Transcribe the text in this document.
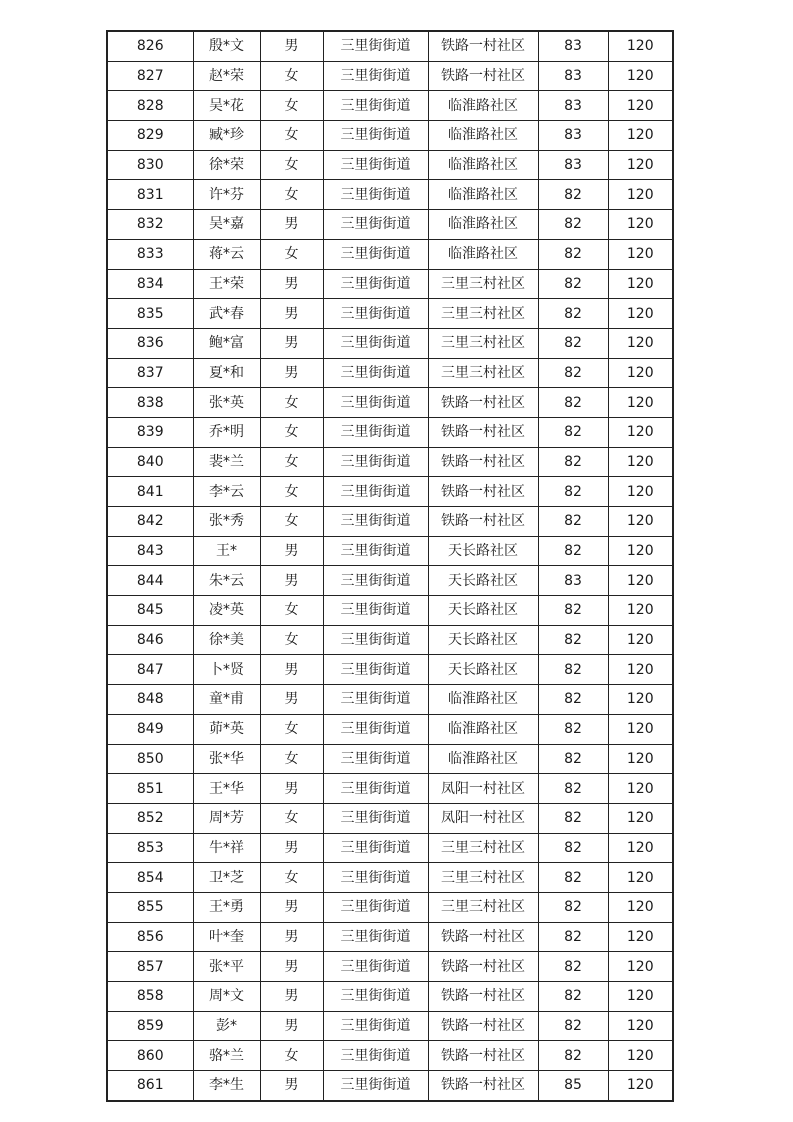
826	殷*文	男	三里街街道	铁路一村社区	83	120
827	赵*荣	女	三里街街道	铁路一村社区	83	120
828	吴*花	女	三里街街道	临淮路社区	83	120
829	臧*珍	女	三里街街道	临淮路社区	83	120
830	徐*荣	女	三里街街道	临淮路社区	83	120
831	许*芬	女	三里街街道	临淮路社区	82	120
832	吴*嘉	男	三里街街道	临淮路社区	82	120
833	蒋*云	女	三里街街道	临淮路社区	82	120
834	王*荣	男	三里街街道	三里三村社区	82	120
835	武*春	男	三里街街道	三里三村社区	82	120
836	鲍*富	男	三里街街道	三里三村社区	82	120
837	夏*和	男	三里街街道	三里三村社区	82	120
838	张*英	女	三里街街道	铁路一村社区	82	120
839	乔*明	女	三里街街道	铁路一村社区	82	120
840	裴*兰	女	三里街街道	铁路一村社区	82	120
841	李*云	女	三里街街道	铁路一村社区	82	120
842	张*秀	女	三里街街道	铁路一村社区	82	120
843	王*	男	三里街街道	天长路社区	82	120
844	朱*云	男	三里街街道	天长路社区	83	120
845	凌*英	女	三里街街道	天长路社区	82	120
846	徐*美	女	三里街街道	天长路社区	82	120
847	卜*贤	男	三里街街道	天长路社区	82	120
848	童*甫	男	三里街街道	临淮路社区	82	120
849	茆*英	女	三里街街道	临淮路社区	82	120
850	张*华	女	三里街街道	临淮路社区	82	120
851	王*华	男	三里街街道	凤阳一村社区	82	120
852	周*芳	女	三里街街道	凤阳一村社区	82	120
853	牛*祥	男	三里街街道	三里三村社区	82	120
854	卫*芝	女	三里街街道	三里三村社区	82	120
855	王*勇	男	三里街街道	三里三村社区	82	120
856	叶*奎	男	三里街街道	铁路一村社区	82	120
857	张*平	男	三里街街道	铁路一村社区	82	120
858	周*文	男	三里街街道	铁路一村社区	82	120
859	彭*	男	三里街街道	铁路一村社区	82	120
860	骆*兰	女	三里街街道	铁路一村社区	82	120
861	李*生	男	三里街街道	铁路一村社区	85	120
